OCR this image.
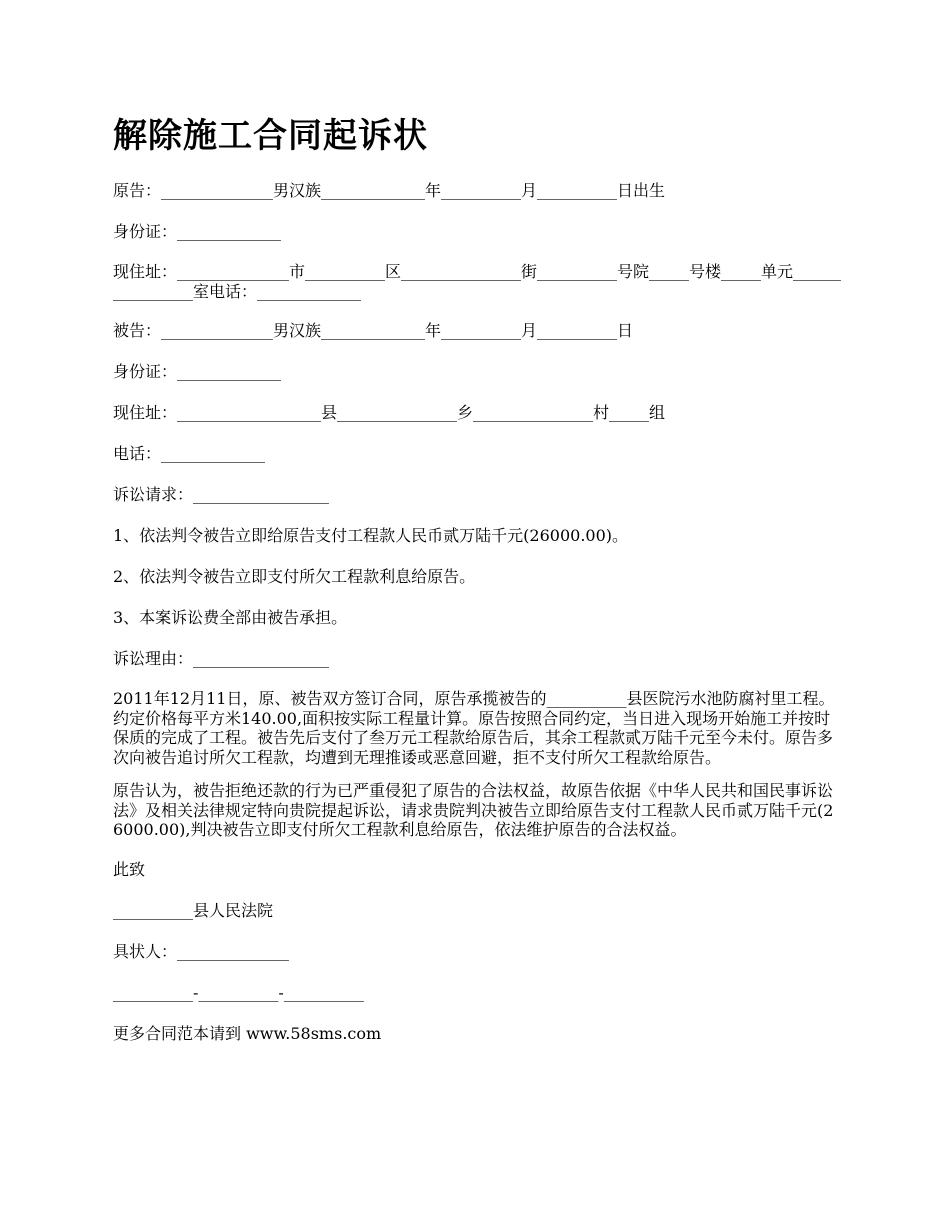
解除施工合同起诉状

原告：______________男汉族_____________年__________月__________日出生

身份证：_____________

现住址：______________市__________区_______________街__________号院_____号楼_____单元________________室电话：_____________

被告：______________男汉族_____________年__________月__________日

身份证：_____________

现住址：__________________县_______________乡_______________村_____组

电话：_____________

诉讼请求：_________________

1、依法判令被告立即给原告支付工程款人民币贰万陆千元(26000.00)。

2、依法判令被告立即支付所欠工程款利息给原告。

3、本案诉讼费全部由被告承担。

诉讼理由：_________________

2011年12月11日，原、被告双方签订合同，原告承揽被告的__________县医院污水池防腐衬里工程。约定价格每平方米140.00,面积按实际工程量计算。原告按照合同约定，当日进入现场开始施工并按时保质的完成了工程。被告先后支付了叁万元工程款给原告后，其余工程款贰万陆千元至今未付。原告多次向被告追讨所欠工程款，均遭到无理推诿或恶意回避，拒不支付所欠工程款给原告。

原告认为，被告拒绝还款的行为已严重侵犯了原告的合法权益，故原告依据《中华人民共和国民事诉讼法》及相关法律规定特向贵院提起诉讼，请求贵院判决被告立即给原告支付工程款人民币贰万陆千元(26000.00),判决被告立即支付所欠工程款利息给原告，依法维护原告的合法权益。

此致

__________县人民法院

具状人：______________

__________-__________-__________

更多合同范本请到 www.58sms.com
